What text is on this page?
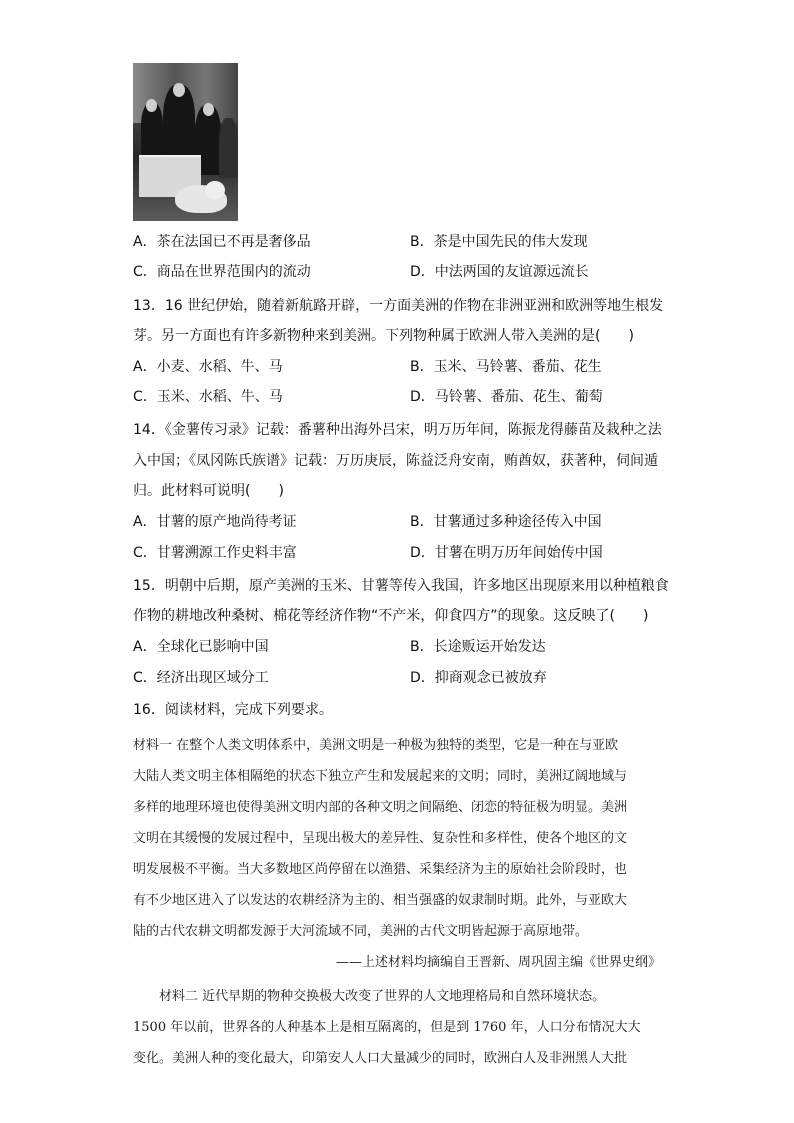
A．茶在法国已不再是奢侈品	B．茶是中国先民的伟大发现
C．商品在世界范围内的流动	D．中法两国的友谊源远流长
13．16 世纪伊始，随着新航路开辟，一方面美洲的作物在非洲亚洲和欧洲等地生根发
芽。另一方面也有许多新物种来到美洲。下列物种属于欧洲人带入美洲的是(　　)
A．小麦、水稻、牛、马	B．玉米、马铃薯、番茄、花生
C．玉米、水稻、牛、马	D．马铃薯、番茄、花生、葡萄
14．《金薯传习录》记载：番薯种出海外吕宋，明万历年间，陈振龙得藤苗及栽种之法
入中国；《凤冈陈氏族谱》记载：万历庚辰，陈益泛舟安南，贿酋奴，获著种，伺间遁
归。此材料可说明(　　)
A．甘薯的原产地尚待考证	B．甘薯通过多种途径传入中国
C．甘薯溯源工作史料丰富	D．甘薯在明万历年间始传中国
15．明朝中后期，原产美洲的玉米、甘薯等传入我国，许多地区出现原来用以种植粮食
作物的耕地改种桑树、棉花等经济作物“不产米，仰食四方”的现象。这反映了(　　)
A．全球化已影响中国	B．长途贩运开始发达
C．经济出现区域分工	D．抑商观念已被放弃
16．阅读材料，完成下列要求。
材料一 在整个人类文明体系中，美洲文明是一种极为独特的类型，它是一种在与亚欧
大陆人类文明主体相隔绝的状态下独立产生和发展起来的文明；同时，美洲辽阔地域与
多样的地理环境也使得美洲文明内部的各种文明之间隔绝、闭恋的特征极为明显。美洲
文明在其缓慢的发展过程中，呈现出极大的差异性、复杂性和多样性，使各个地区的文
明发展极不平衡。当大多数地区尚停留在以渔猎、采集经济为主的原始社会阶段时，也
有不少地区进入了以发达的农耕经济为主的、相当强盛的奴隶制时期。此外，与亚欧大
陆的古代农耕文明都发源于大河流域不同，美洲的古代文明皆起源于高原地带。
——上述材料均摘编自王晋新、周巩固主编《世界史纲》
材料二 近代早期的物种交换极大改变了世界的人文地理格局和自然环境状态。
1500 年以前，世界各的人种基本上是相互隔离的，但是到 1760 年，人口分布情况大大
变化。美洲人种的变化最大，印第安人人口大量减少的同时，欧洲白人及非洲黑人大批
